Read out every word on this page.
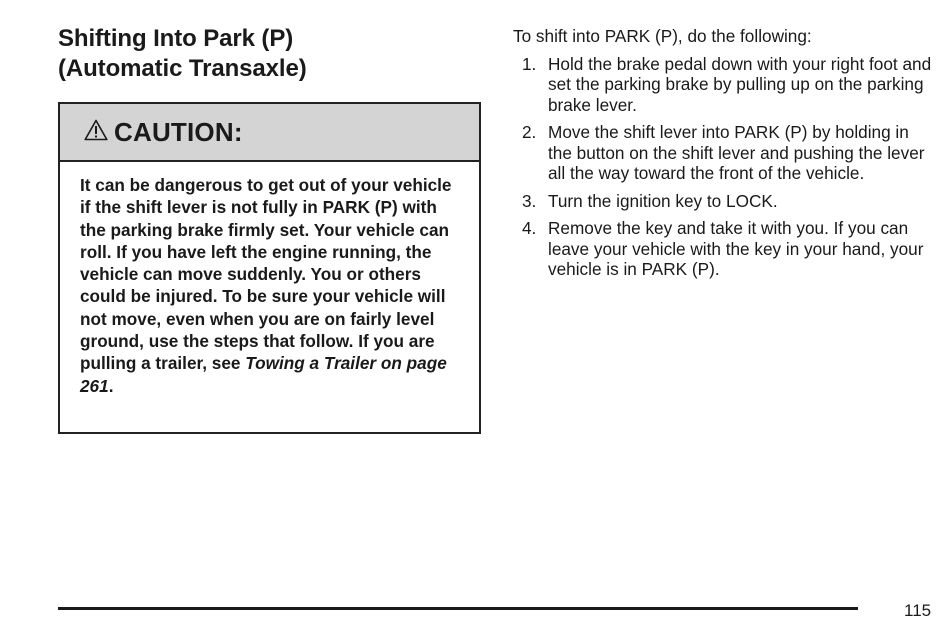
Shifting Into Park (P)
(Automatic Transaxle)
CAUTION:

It can be dangerous to get out of your vehicle if the shift lever is not fully in PARK (P) with the parking brake firmly set. Your vehicle can roll. If you have left the engine running, the vehicle can move suddenly. You or others could be injured. To be sure your vehicle will not move, even when you are on fairly level ground, use the steps that follow. If you are pulling a trailer, see Towing a Trailer on page 261.

To shift into PARK (P), do the following:

1. Hold the brake pedal down with your right foot and set the parking brake by pulling up on the parking brake lever.
2. Move the shift lever into PARK (P) by holding in the button on the shift lever and pushing the lever all the way toward the front of the vehicle.
3. Turn the ignition key to LOCK.
4. Remove the key and take it with you. If you can leave your vehicle with the key in your hand, your vehicle is in PARK (P).
115
